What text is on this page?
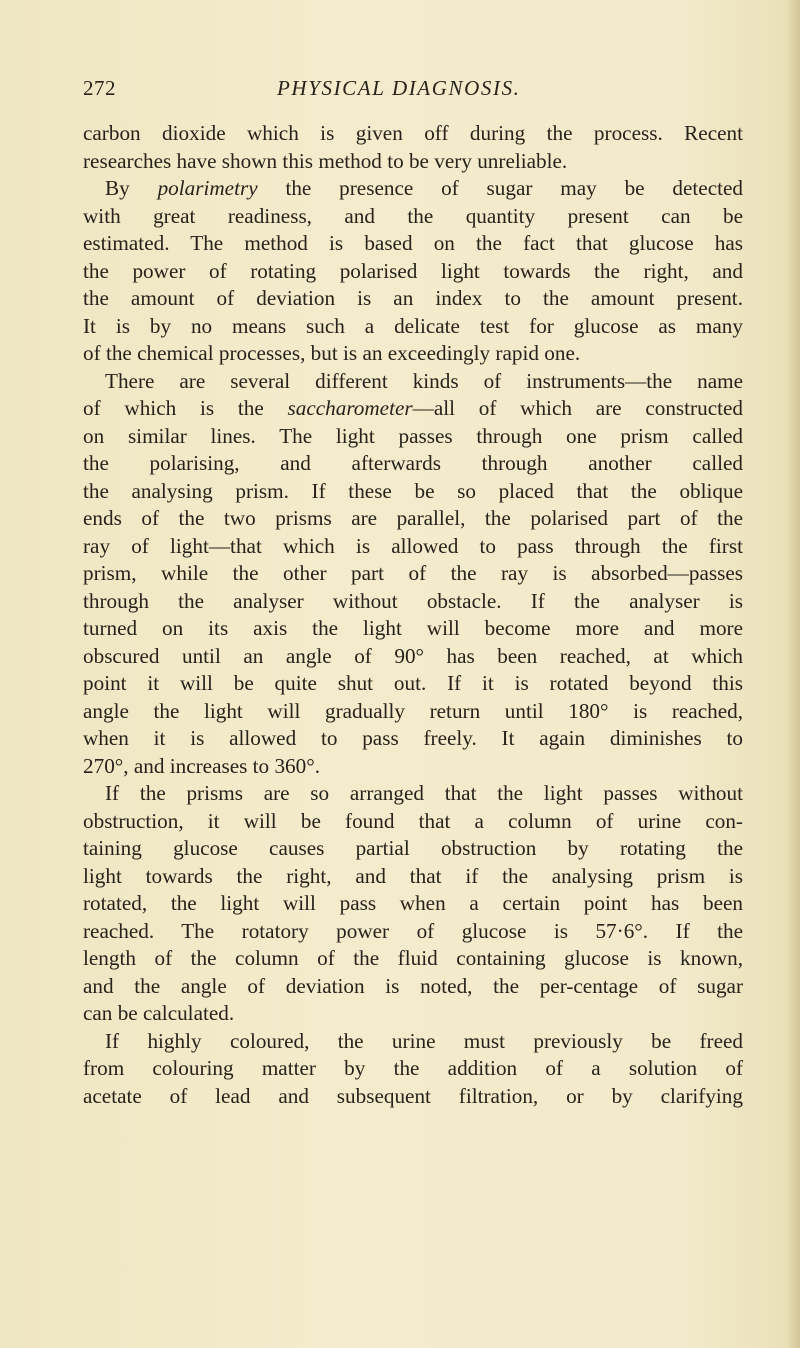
272	PHYSICAL DIAGNOSIS.
carbon dioxide which is given off during the process. Recent
researches have shown this method to be very unreliable.
By polarimetry the presence of sugar may be detected
with great readiness, and the quantity present can be
estimated. The method is based on the fact that glucose has
the power of rotating polarised light towards the right, and
the amount of deviation is an index to the amount present.
It is by no means such a delicate test for glucose as many
of the chemical processes, but is an exceedingly rapid one.
There are several different kinds of instruments—the name
of which is the saccharometer—all of which are constructed
on similar lines. The light passes through one prism called
the polarising, and afterwards through another called
the analysing prism. If these be so placed that the oblique
ends of the two prisms are parallel, the polarised part of the
ray of light—that which is allowed to pass through the first
prism, while the other part of the ray is absorbed—passes
through the analyser without obstacle. If the analyser is
turned on its axis the light will become more and more
obscured until an angle of 90° has been reached, at which
point it will be quite shut out. If it is rotated beyond this
angle the light will gradually return until 180° is reached,
when it is allowed to pass freely. It again diminishes to
270°, and increases to 360°.
If the prisms are so arranged that the light passes without
obstruction, it will be found that a column of urine con-
taining glucose causes partial obstruction by rotating the
light towards the right, and that if the analysing prism is
rotated, the light will pass when a certain point has been
reached. The rotatory power of glucose is 57·6°. If the
length of the column of the fluid containing glucose is known,
and the angle of deviation is noted, the per-centage of sugar
can be calculated.
If highly coloured, the urine must previously be freed
from colouring matter by the addition of a solution of
acetate of lead and subsequent filtration, or by clarifying
